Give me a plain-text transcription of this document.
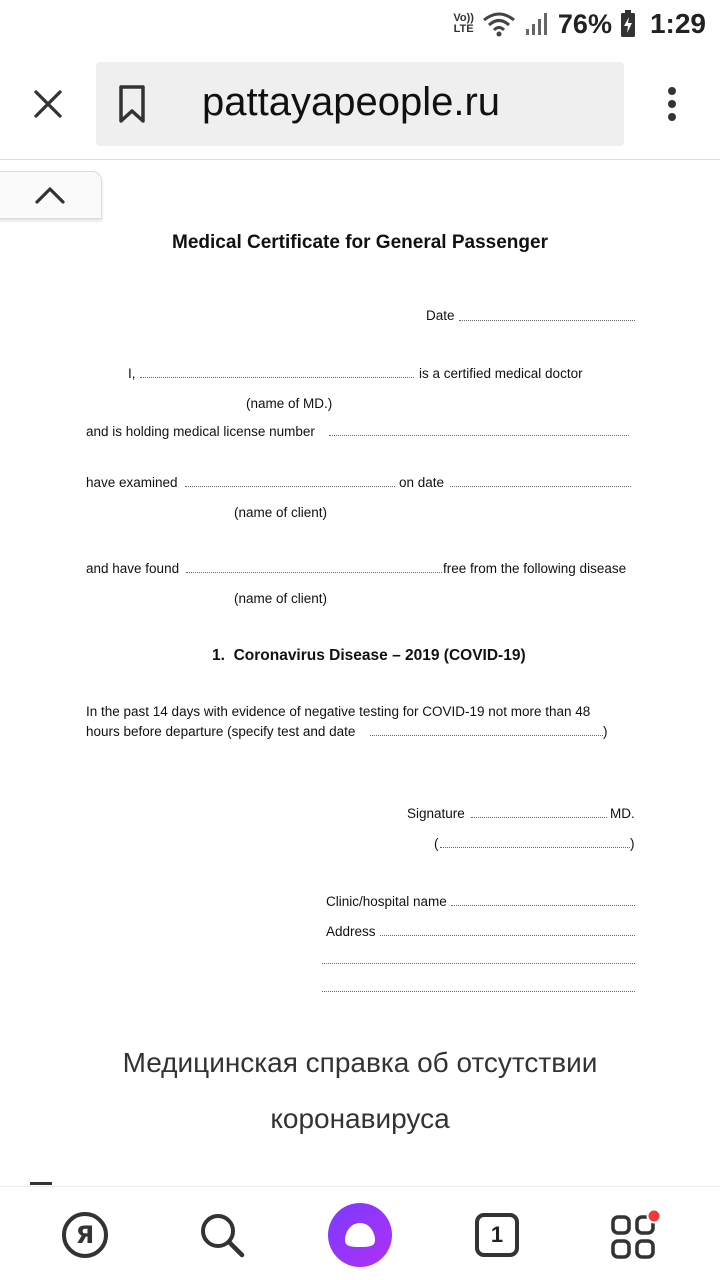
Vo))
LTE	76% 1:29
pattayapeople.ru
Medical Certificate for General Passenger
Date
I,	is a certified medical doctor
(name of MD.)
and is holding medical license number
have examined	on date
(name of client)
and have found	free from the following disease
(name of client)
1. Coronavirus Disease – 2019 (COVID-19)
In the past 14 days with evidence of negative testing for COVID-19 not more than 48
hours before departure (specify test and date	)
Signature	MD.
(	)
Clinic/hospital name
Address
Медицинская справка об отсутствии
коронавируса
Я	1
